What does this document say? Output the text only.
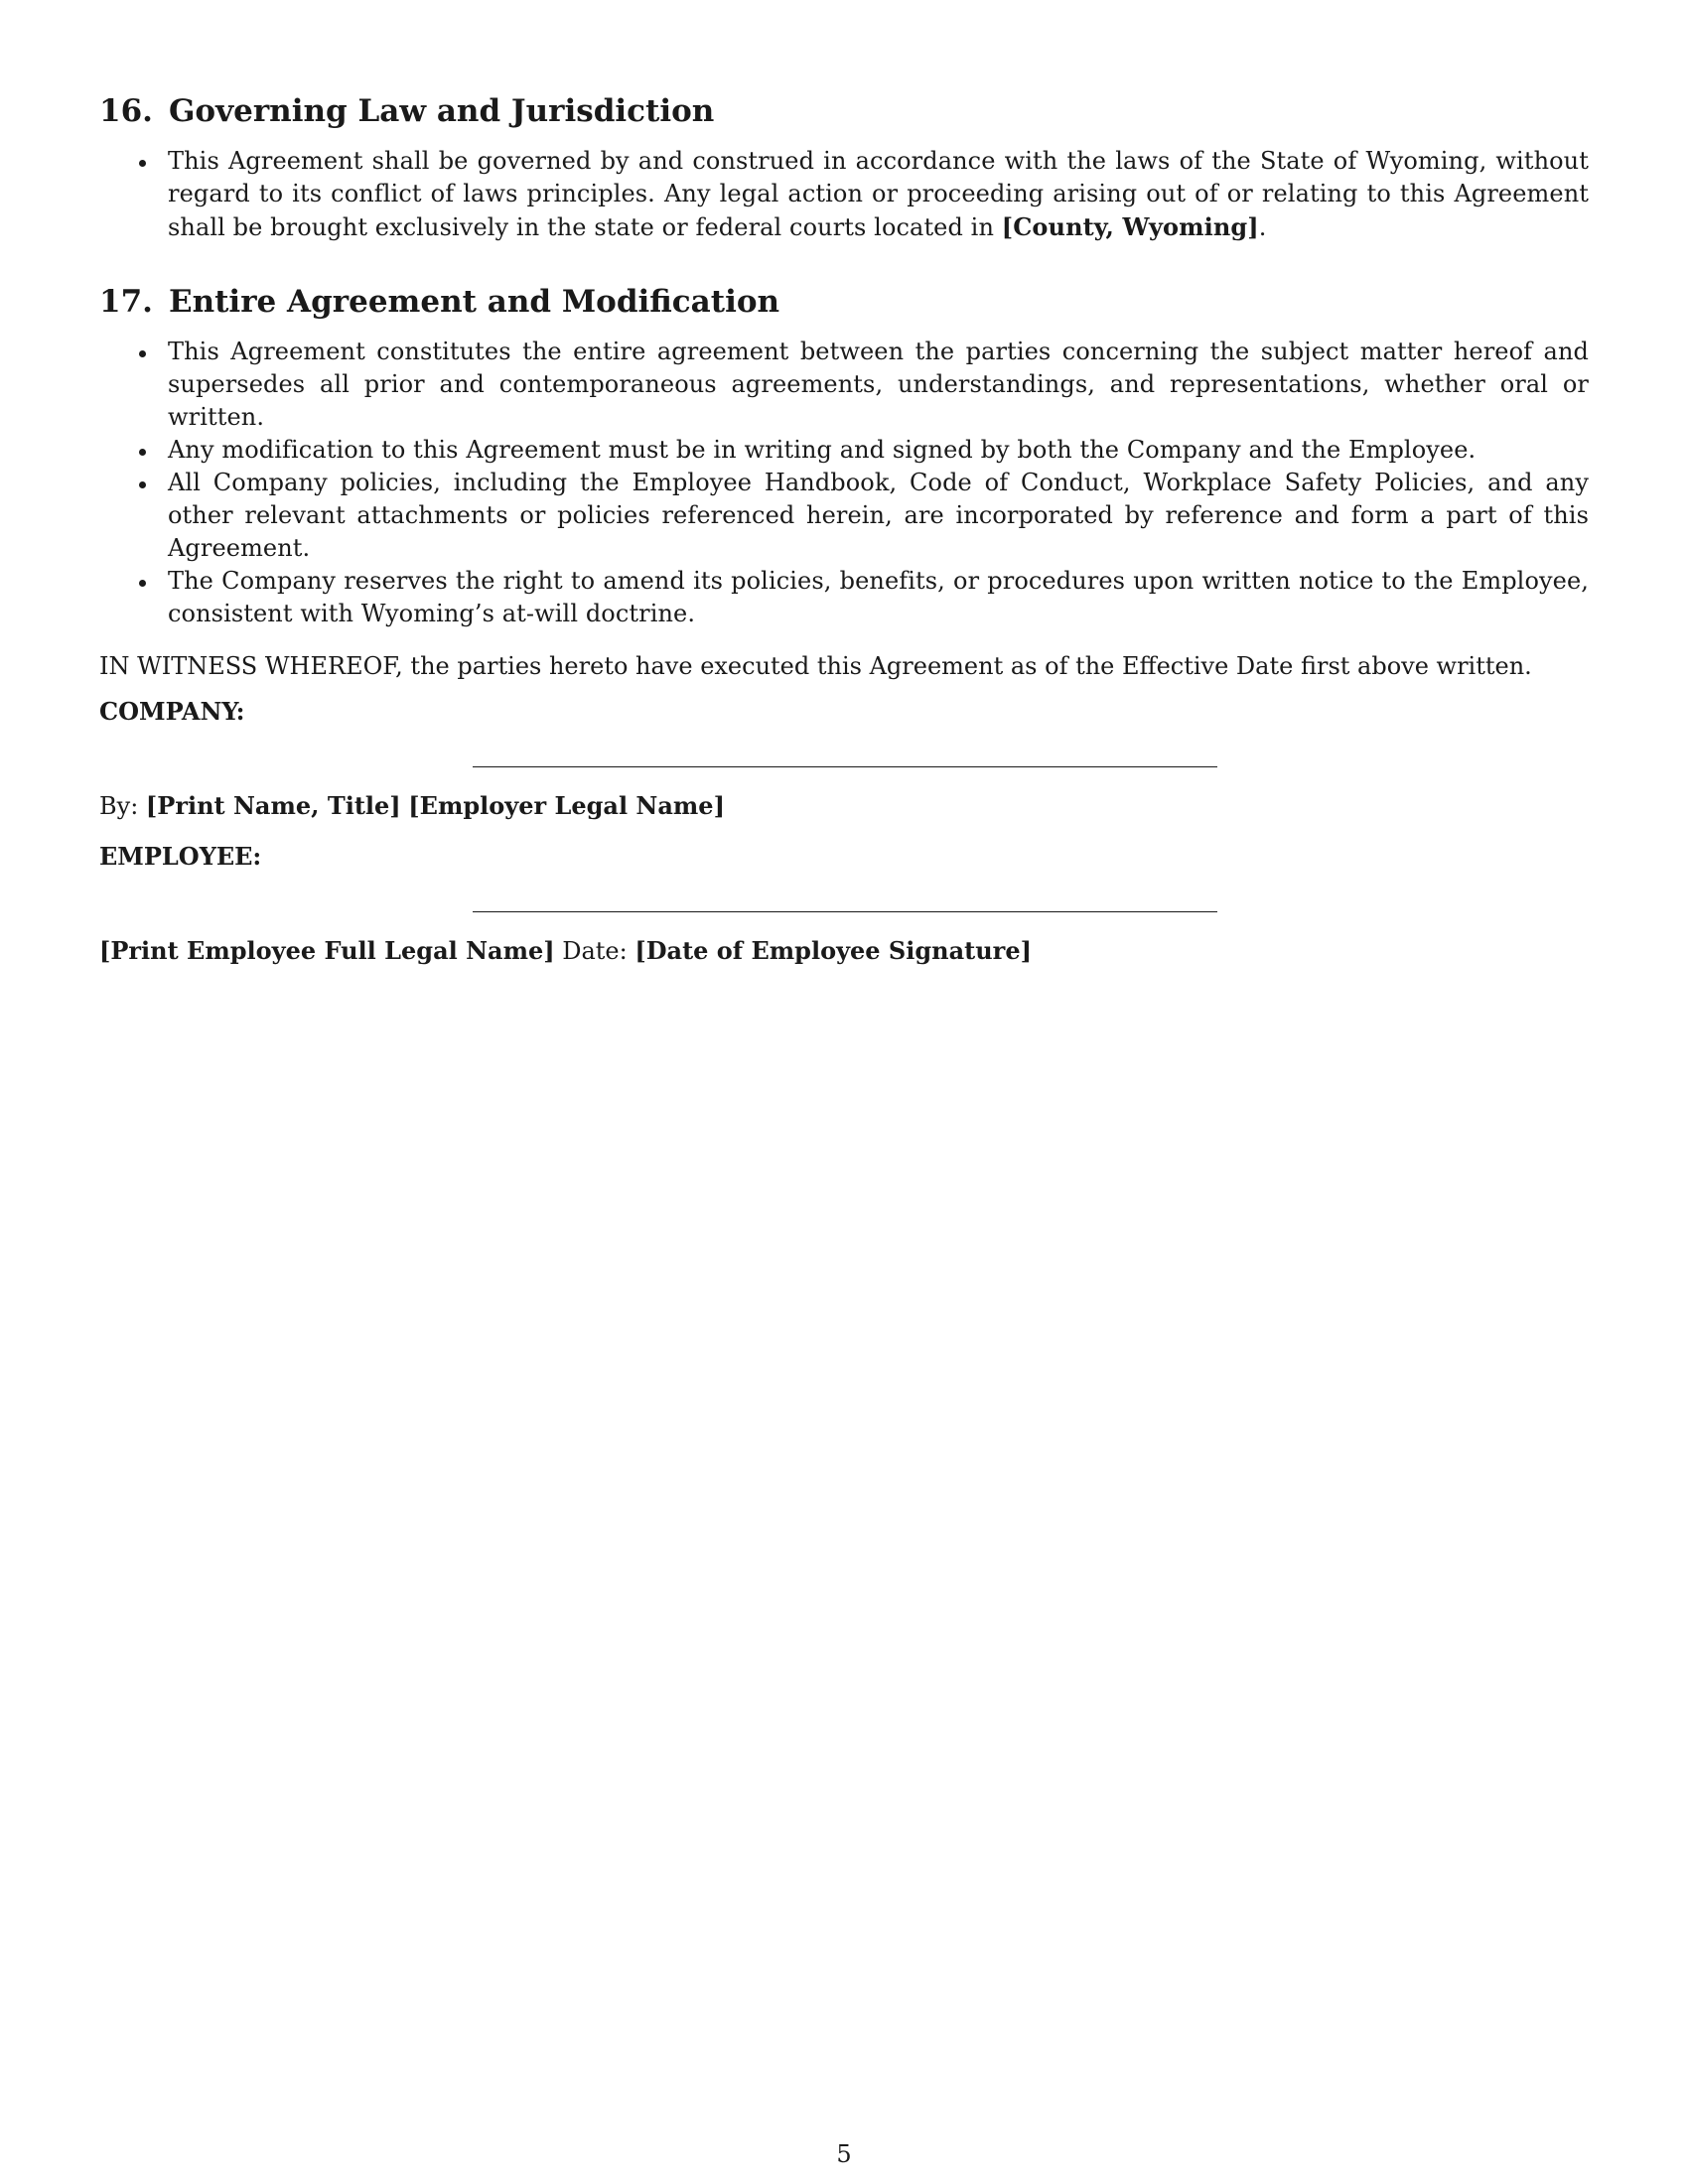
16. Governing Law and Jurisdiction
This Agreement shall be governed by and construed in accordance with the laws of the State of Wyoming, without regard to its conflict of laws principles. Any legal action or proceeding arising out of or relating to this Agreement shall be brought exclusively in the state or federal courts located in [County, Wyoming].
17. Entire Agreement and Modification
This Agreement constitutes the entire agreement between the parties concerning the subject matter hereof and supersedes all prior and contemporaneous agreements, understandings, and representations, whether oral or written.
Any modification to this Agreement must be in writing and signed by both the Company and the Employee.
All Company policies, including the Employee Handbook, Code of Conduct, Workplace Safety Policies, and any other relevant attachments or policies referenced herein, are incorporated by reference and form a part of this Agreement.
The Company reserves the right to amend its policies, benefits, or procedures upon written notice to the Employee, consistent with Wyoming’s at-will doctrine.

IN WITNESS WHEREOF, the parties hereto have executed this Agreement as of the Effective Date first above written.

COMPANY:

By: [Print Name, Title] [Employer Legal Name]

EMPLOYEE:

[Print Employee Full Legal Name] Date: [Date of Employee Signature]

5
